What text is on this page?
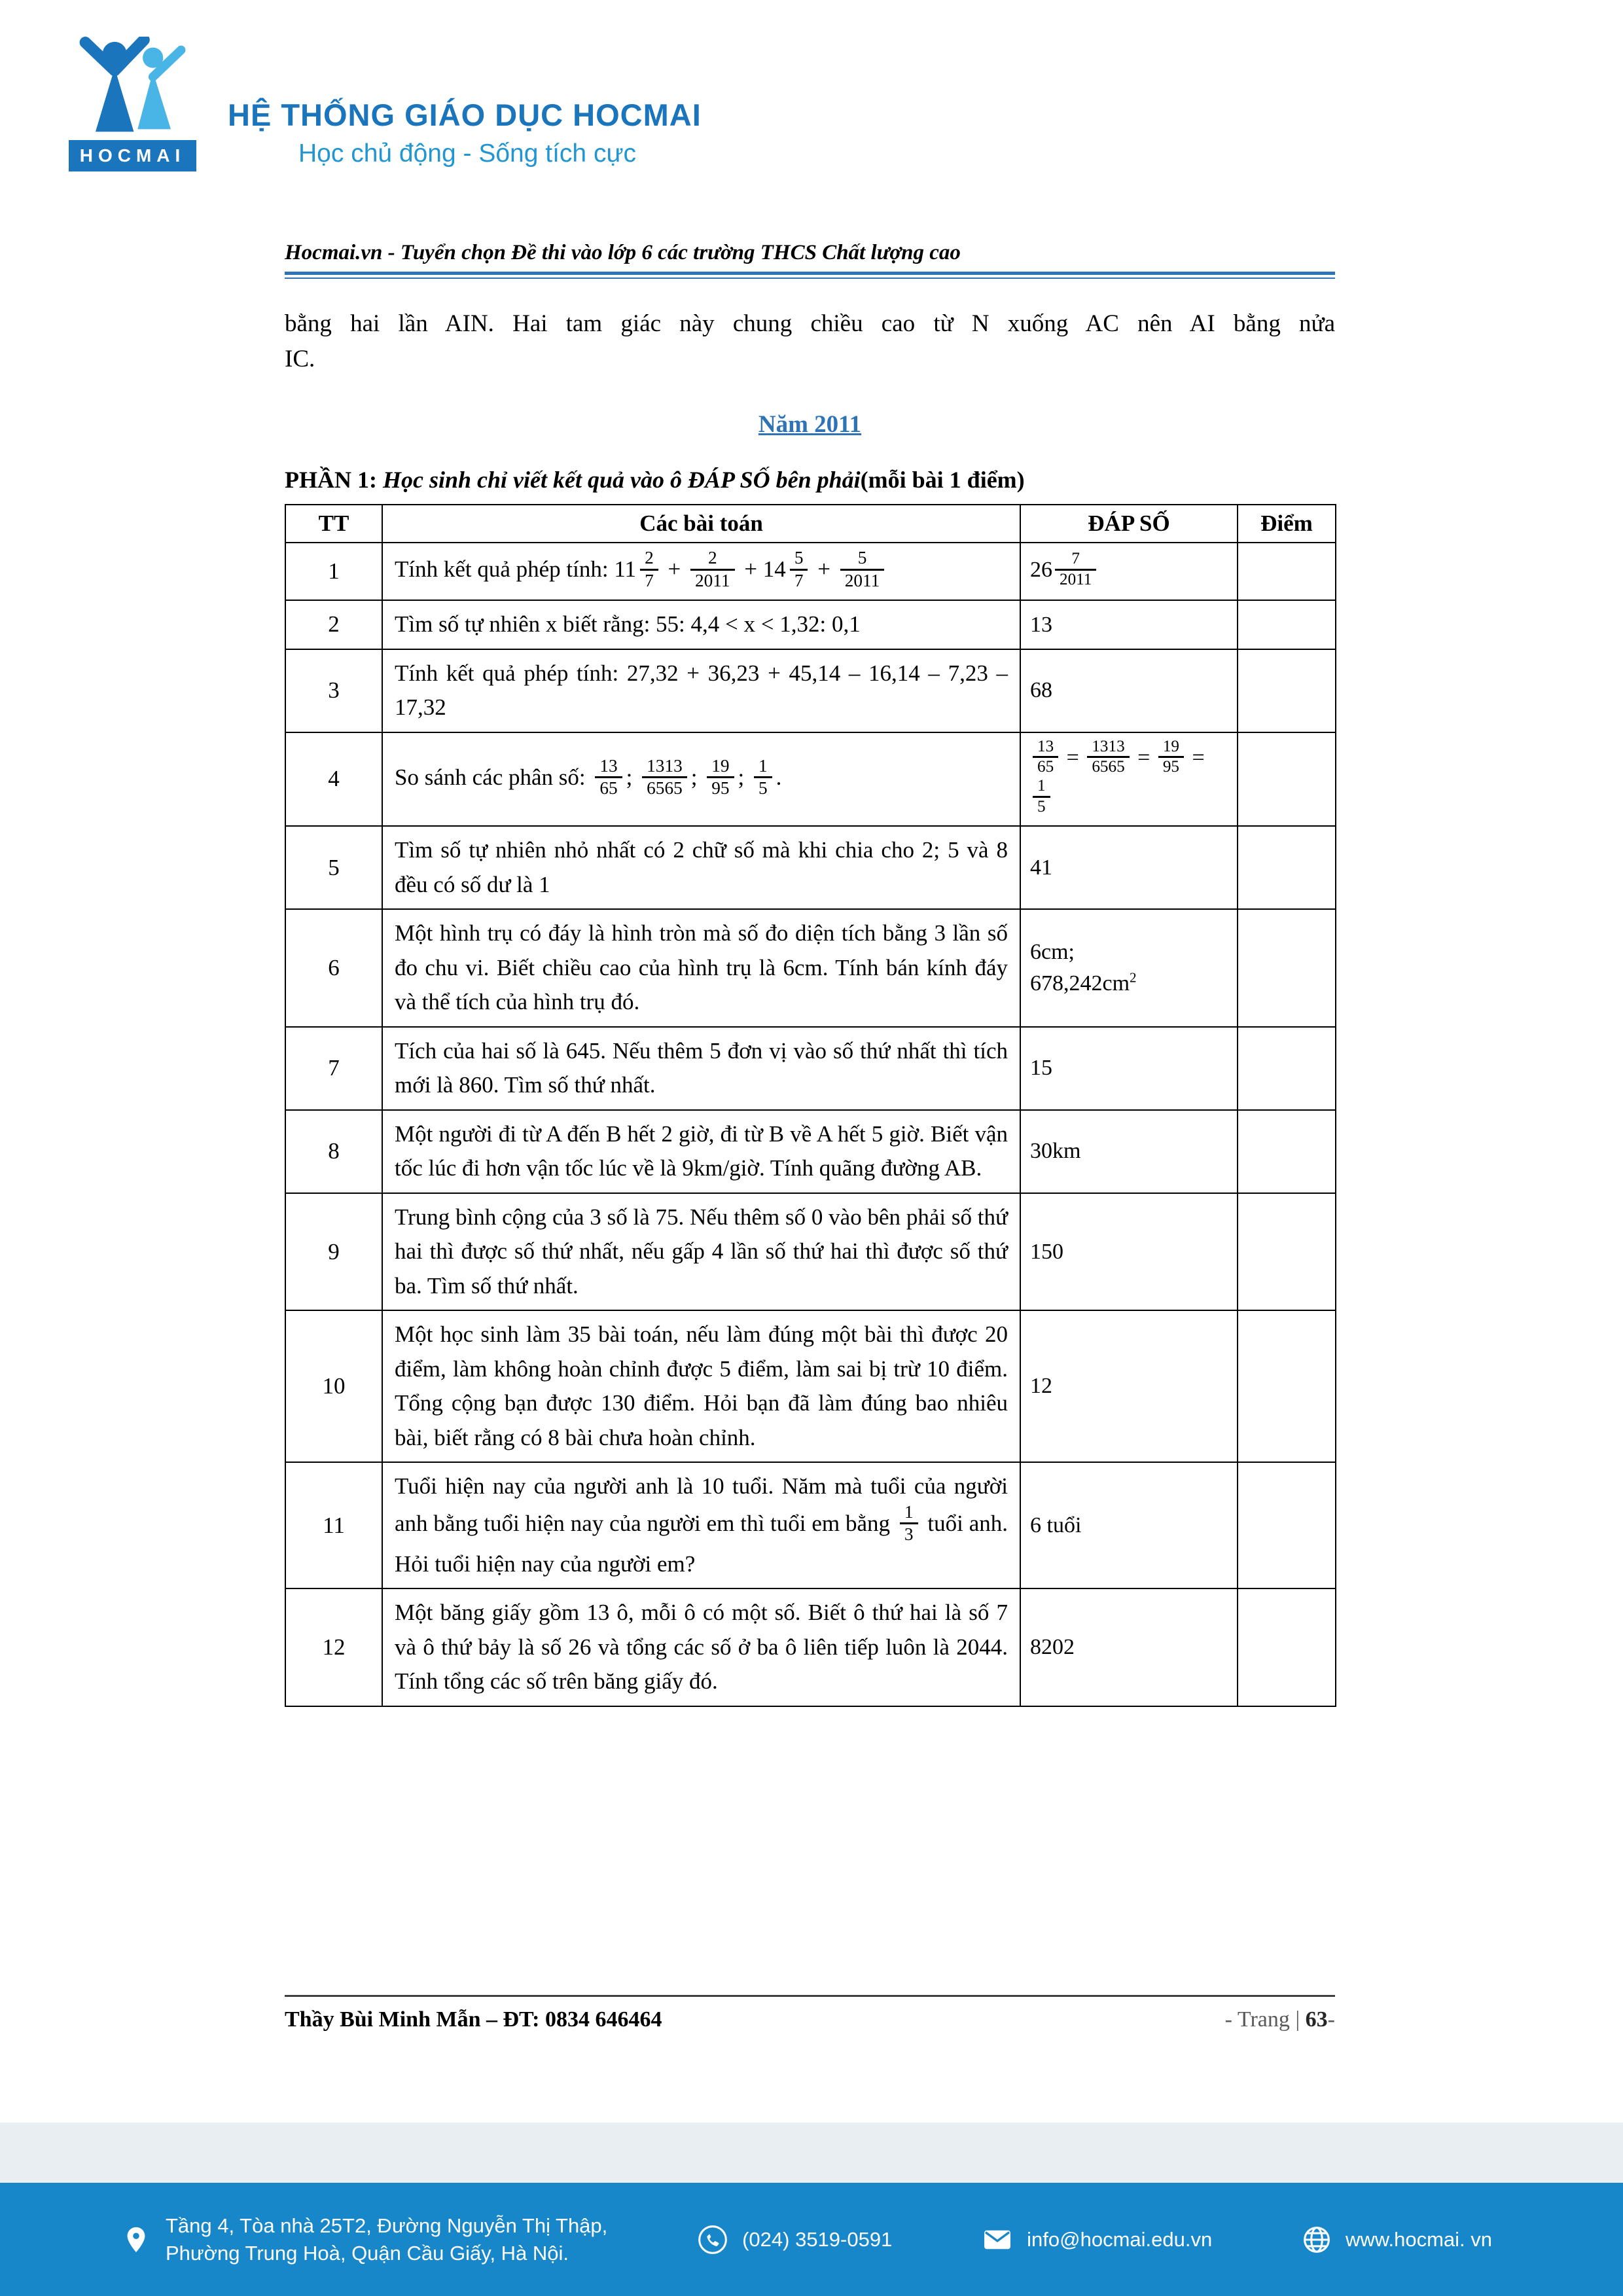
HOCMAI
HỆ THỐNG GIÁO DỤC HOCMAI
Học chủ động - Sống tích cực
Hocmai.vn - Tuyển chọn Đề thi vào lớp 6 các trường THCS Chất lượng cao
bằng hai lần AIN. Hai tam giác này chung chiều cao từ N xuống AC nên AI bằng nửa
IC.
Năm 2011
PHẦN 1: Học sinh chỉ viết kết quả vào ô ĐÁP SỐ bên phải(mỗi bài 1 điểm)
TT	Các bài toán	ĐÁP SỐ	Điểm
1	Tính kết quả phép tính: $11 \frac{2}{7} + \frac{2}{2011} + 14 \frac{5}{7} + \frac{5}{2011}$	$26 \frac{7}{2011}$

2	Tìm số tự nhiên x biết rằng: 55: 4,4 < x < 1,32: 0,1	13	
3	Tính kết quả phép tính: 27,32 + 36,23 + 45,14 – 16,14 – 7,23 – 17,32	68	
4	So sánh các phân số: $\frac{13}{65}$ ; $\frac{1313}{6565}$ ; $\frac{19}{95}$ ; $\frac{1}{5}$ .	$\frac{13}{65} = \frac{1313}{6565} = \frac{19}{95}$ =
$\frac{1}{5}$

5	Tìm số tự nhiên nhỏ nhất có 2 chữ số mà khi chia cho 2; 5 và 8 đều có số dư là 1	41	
6	Một hình trụ có đáy là hình tròn mà số đo diện tích bằng 3 lần số đo chu vi. Biết chiều cao của hình trụ là 6cm. Tính bán kính đáy và thể tích của hình trụ đó.	6cm;
$678,242cm^2$	
7	Tích của hai số là 645. Nếu thêm 5 đơn vị vào số thứ nhất thì tích mới là 860. Tìm số thứ nhất.	15	
8	Một người đi từ A đến B hết 2 giờ, đi từ B về A hết 5 giờ. Biết vận tốc lúc đi hơn vận tốc lúc về là 9km/giờ. Tính quãng đường AB.	30km	
9	Trung bình cộng của 3 số là 75. Nếu thêm số 0 vào bên phải số thứ hai thì được số thứ nhất, nếu gấp 4 lần số thứ hai thì được số thứ ba. Tìm số thứ nhất.	150	
10	Một học sinh làm 35 bài toán, nếu làm đúng một bài thì được 20 điểm, làm không hoàn chỉnh được 5 điểm, làm sai bị trừ 10 điểm. Tổng cộng bạn được 130 điểm. Hỏi bạn đã làm đúng bao nhiêu bài, biết rằng có 8 bài chưa hoàn chỉnh.	12	
11	Tuổi hiện nay của người anh là 10 tuổi. Năm mà tuổi của người anh bằng tuổi hiện nay của người em thì tuổi em bằng $\frac{1}{3}$ tuổi anh. Hỏi tuổi hiện nay của người em?	6 tuổi	
12	Một băng giấy gồm 13 ô, mỗi ô có một số. Biết ô thứ hai là số 7 và ô thứ bảy là số 26 và tổng các số ở ba ô liên tiếp luôn là 2044. Tính tổng các số trên băng giấy đó.	8202	
Thầy Bùi Minh Mẫn – ĐT: 0834 646464	- Trang | 63-
Tầng 4, Tòa nhà 25T2, Đường Nguyễn Thị Thập,
Phường Trung Hoà, Quận Cầu Giấy, Hà Nội.
(024) 3519-0591	info@hocmai.edu.vn	www.hocmai. vn
